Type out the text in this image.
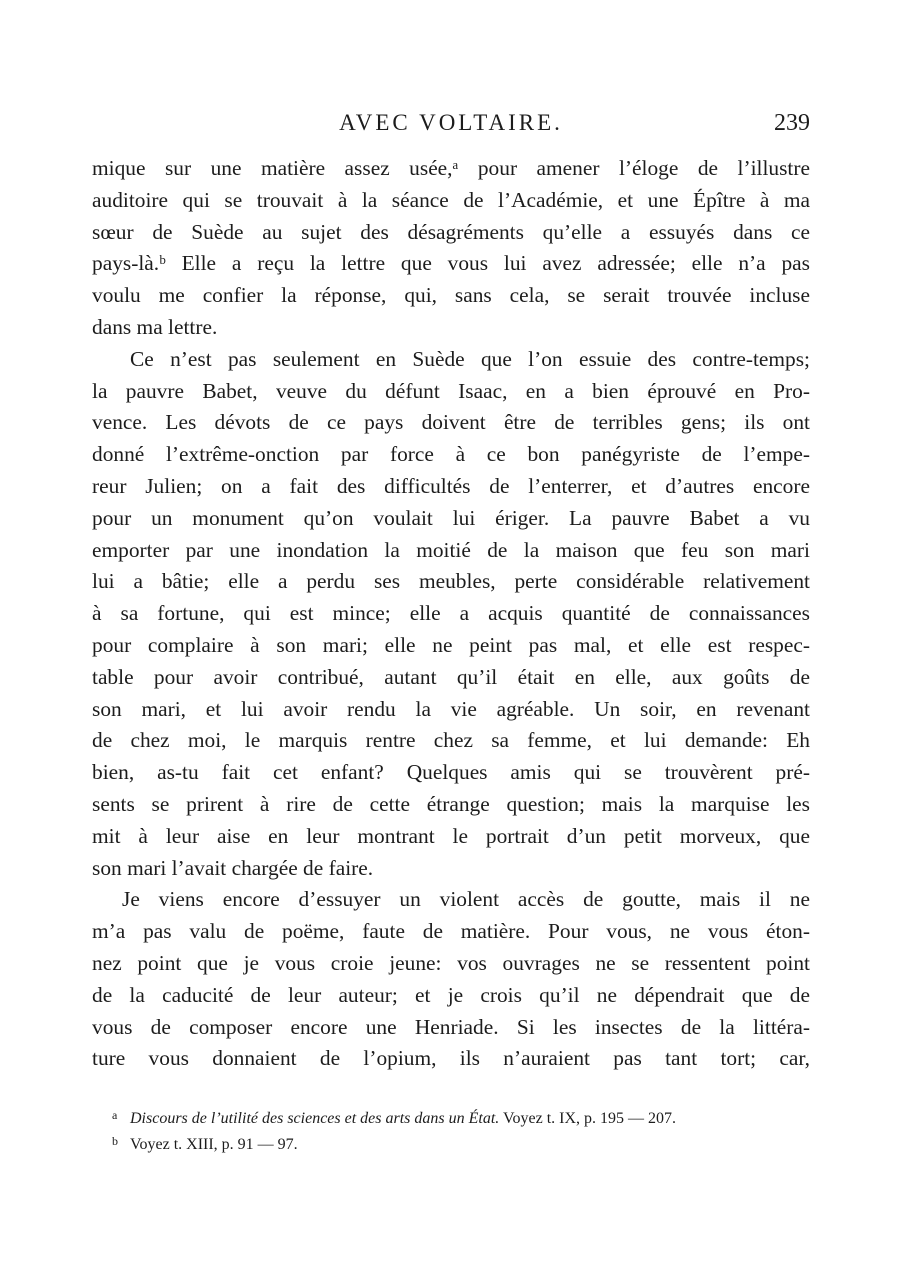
AVEC VOLTAIRE.	239
mique sur une matière assez usée,ᵃ pour amener l’éloge de l’illustre
auditoire qui se trouvait à la séance de l’Académie, et une Épître à ma
sœur de Suède au sujet des désagréments qu’elle a essuyés dans ce
pays-là.ᵇ Elle a reçu la lettre que vous lui avez adressée; elle n’a pas
voulu me confier la réponse, qui, sans cela, se serait trouvée incluse
dans ma lettre.
Ce n’est pas seulement en Suède que l’on essuie des contre-temps;
la pauvre Babet, veuve du défunt Isaac, en a bien éprouvé en Pro-
vence. Les dévots de ce pays doivent être de terribles gens; ils ont
donné l’extrême-onction par force à ce bon panégyriste de l’empe-
reur Julien; on a fait des difficultés de l’enterrer, et d’autres encore
pour un monument qu’on voulait lui ériger. La pauvre Babet a vu
emporter par une inondation la moitié de la maison que feu son mari
lui a bâtie; elle a perdu ses meubles, perte considérable relativement
à sa fortune, qui est mince; elle a acquis quantité de connaissances
pour complaire à son mari; elle ne peint pas mal, et elle est respec-
table pour avoir contribué, autant qu’il était en elle, aux goûts de
son mari, et lui avoir rendu la vie agréable. Un soir, en revenant
de chez moi, le marquis rentre chez sa femme, et lui demande: Eh
bien, as-tu fait cet enfant? Quelques amis qui se trouvèrent pré-
sents se prirent à rire de cette étrange question; mais la marquise les
mit à leur aise en leur montrant le portrait d’un petit morveux, que
son mari l’avait chargée de faire.
Je viens encore d’essuyer un violent accès de goutte, mais il ne
m’a pas valu de poëme, faute de matière. Pour vous, ne vous éton-
nez point que je vous croie jeune: vos ouvrages ne se ressentent point
de la caducité de leur auteur; et je crois qu’il ne dépendrait que de
vous de composer encore une Henriade. Si les insectes de la littéra-
ture vous donnaient de l’opium, ils n’auraient pas tant tort; car,
a Discours de l’utilité des sciences et des arts dans un État. Voyez t. IX, p. 195 — 207.
b Voyez t. XIII, p. 91 — 97.
